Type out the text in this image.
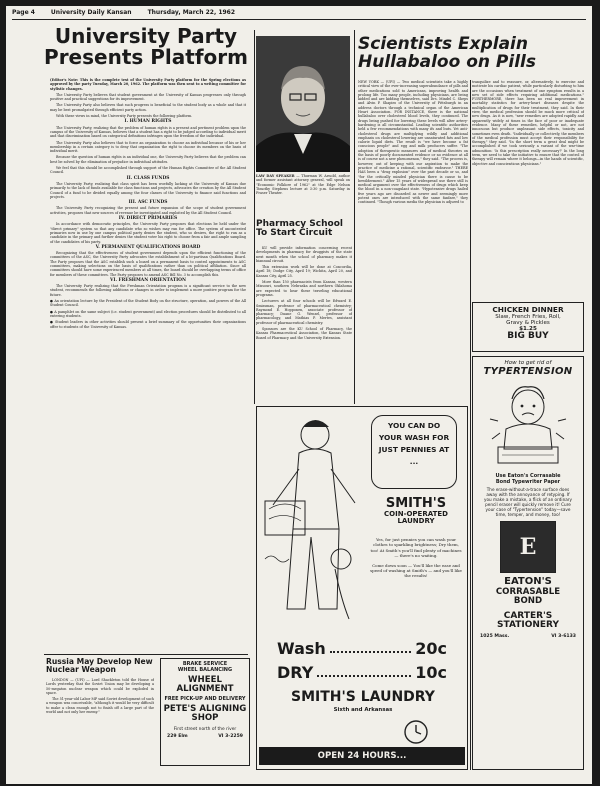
Page 4	University Daily Kansan	Thursday, March 22, 1962
University Party
Presents Platform

(Editor's Note: This is the complete text of the University Party platform for the Spring elections as approved by the party Tuesday, March 20, 1962. The platform was then sent to a writing committee for stylistic changes.

The University Party believes that student government at the University of Kansas progresses only through positive and practical suggestions for its improvement.

The University Party also believes that such progress is beneficial to the student body as a whole and that it may be best promulgated through efficient party action.

With these views in mind, the University Party presents the following platform.

I. HUMAN RIGHTS

The University Party, realizing that the problem of human rights is a present and pertinent problem upon the campus of the University of Kansas, believes that a student has a right to be judged according to individual merit and that discrimination based on categorical definitions infringes upon the freedom of the individual.

The University Party also believes that to force an organization to choose an individual because of his or her membership in a certain category is to deny that organization the right to choose its members on the basis of individual merit.

Because the question of human rights is an individual one, the University Party believes that the problem can best be solved by the elimination of prejudice in individual attitudes.

We feel that this should be accomplished through support of the Human Rights Committee of the All Student Council.

II. CLASS FUNDS

The University Party, realizing that class spirit has been woefully lacking at the University of Kansas due primarily to the lack of funds available for class functions and projects, advocates the creation by the All Student Council of a fund to be divided equally among the four classes of the University to finance said functions and projects.

III. ASC FUNDS

The University Party recognizing the present and future expansion of the scope of student government activities, proposes that new sources of revenue be investigated and exploited by the All Student Council.

IV. DIRECT PRIMARIES

In accordance with democratic principles, the University Party proposes that elections be held under the "direct primary" system so that any candidate who so wishes may run for office. The system of uncontested primaries now in use by one campus political party denies the student, who so desires, the right to run as a candidate in the primary and further denies the student voter his right to choose from a fair and ample sampling of the candidates of his party.

V. PERMANENT QUALIFICATIONS BOARD

Recognizing that the effectiveness of student government depends upon the efficient functioning of the committees of the ASC, the University Party advocates the establishment of a bi-partisan Qualifications Board. The Party proposes that the ASC establish such a board on a permanent basis to control appointments to ASC committees, making selections on the basis of qualifications rather than on political affiliation. Since all committees should have some experienced members at all times, the board should be overlapping terms of office for members of these committees. The Party proposes to amend ASC Bill No. 3 to accomplish this.

VI. FRESHMAN ORIENTATION

The University Party realizing that the Freshman Orientation program is a significant service to the new student, recommends the following additions or changes in order to implement a more positive program for the future.

● An orientation lecture by the President of the Student Body on the structure, operation, and powers of the All Student Council.

● A pamphlet on the same subject (i.e. student government) and election procedures should be distributed to all entering students.

● Student leaders in other activities should present a brief summary of the opportunities their organizations offer to students of the University of Kansas.

Russia May Develop New Nuclear Weapon

LONDON — (UPI) — Lord Shackleton told the House of Lords yesterday that the Soviet Union may be developing a 50-megaton nuclear weapon which could be exploded in space.

The 51-year-old Labor MP said Soviet development of such a weapon was conceivable, "although it would be very difficult to make a clean enough not to finish off a large part of the world and not only her enemy."

BRAKE SERVICE
WHEEL BALANCING
WHEEL ALIGNMENT
FREE PICK-UP AND DELIVERY
PETE'S ALIGNING SHOP
First street north of the river
229 Elm	VI 3-2259
LAW DAY SPEAKER — Thurman W. Arnold, author and former assistant attorney general, will speak on "Economic Folklore of 1962" at the Edge Nelson Timothy Stephens lecture at 3:30 p.m. Saturday in Fraser Theater.
Pharmacy School
To Start Circuit

KU will provide information concerning recent developments in pharmacy for druggists of the state next month when the school of pharmacy makes it biannual circuit.

This extension work will be done at Concordia, April 18; Dodge City, April 19; Wichita, April 20, and Kansas City, April 25.

More than 150 pharmacists from Kansas, western Missouri, southern Nebraska and northern Oklahoma are expected to hear these traveling educational programs.

Lecturers at all four schools will be Edward E. Smissman, professor of pharmaceutical chemistry; Raymond E. Hopponen, associate professor of pharmacy; Duane G. Wenzel, professor of pharmacology, and Mathias P. Mertes, assistant professor of pharmaceutical chemistry.

Sponsors are the KU School of Pharmacy, the Kansas Pharmaceutical Association, the Kansas State Board of Pharmacy and the University Extension.

Scientists Explain
Hullabaloo on Pills
NEW YORK — (UPI) — Two medical scientists take a highly critical view of the ever-increasing superabundance of pills and other medications sold to Americans, improving health and prolong life. Too many people, including physicians, are being kidded and are kidding themselves, said Drs. Mindel C. Sheps and Alvin P. Shapiro of the University of Pittsburgh in an address doctors through a technical organ of the American Heart Association. FOR INSTANCE, there is the national hullabaloo over cholesterol blood levels, they continued. The drugs being pushed for lowering these levels will alter artery-hardening is all circumstantial. Leading scientific authorities held a few recommendations with many ifs and buts. Yet anti-cholesterol drugs are multiplying wildly and additional emphasis on cholesterol lowering are unsaturated fats and low calorie liquid diets. The result is "we have become a fat conscious people" and egg and milk producers suffer. "The adoption of therapeutic measures and of medical theories on the basis of poorly documented evidence or no evidence at all is of course not a new phenomenon," they said. "The process is, however, out of keeping with our aspiration to make the practice of medicine a rational, scientific endeavor." THERE HAS been a "drug explosion" over the past decade or so, and "for the critically minded physician there is cause to be bewilderment." After 15 years of widespread use there still is medical argument over the effectiveness of drugs which keep the blood in a non-coagulant state. "Hypotensive drugs hailed five years ago are discarded as newer and seemingly more potent ones are introduced with the same fanfare," they continued. "Though various media the physician is adjured to
tranquilize and to reassure, or, alternatively, to exercise and motivate his cardiac patient, while particularly disturbing to him are the occasions when treatment of one symptom results in a new set of side effects requiring additional medications." FURTHERMORE, there has been no real improvement in mortality statistics for artery-heart diseases despite the multiplication of drugs for their treatment, they said. In their view, the medical profession should be much more critical of new drugs. As it is now, "new remedies are adopted rapidly and apparently widely at times in the face of poor or inadequate evidence. Many of these remedies, helpful or not, are not innocuous but produce unpleasant side effects, toxicity and sometimes even death. "Individually or collectively, the members of the medical profession must accept their responsibility for therapy," they said. "In the short term a great deal might be accomplished if we took seriously a variant of the war-time admonition: 'Is this prescription really necessary?' In the long term, we need to take the initiative to ensure that the control of therapy will remain where it belongs—in the hands of scientific, objective and conscientious physicians."
CHICKEN DINNER
Slaw, French Fries, Roll,
Gravy & Pickles
$1.25
BIG BUY
How to get rid of
TYPERTENSION
Use Eaton's Corrasable
Bond Typewriter Paper
The erase-without-a-trace surface does away with the annoyance of retyping. If you make a mistake, a flick of an ordinary pencil eraser will quickly remove it! Cure your case of "Typertension" today—save time, temper, and money, too!
E
EATON'S
CORRASABLE
BOND
CARTER'S
STATIONERY
1025 Mass.	VI 3-6133
YOU CAN DO YOUR WASH FOR JUST PENNIES AT ...
SMITH'S
COIN-OPERATED
LAUNDRY

Yes, for just pennies you can wash your clothes to sparkling brightness; Dry them, too! At Smith's you'll find plenty of machines — there's no waiting.

Come down soon — You'll like the ease and speed of washing at Smith's — and you'll like the results!

Wash	20c
DRY	10c
SMITH'S LAUNDRY
Sixth and Arkansas
OPEN 24 HOURS...
